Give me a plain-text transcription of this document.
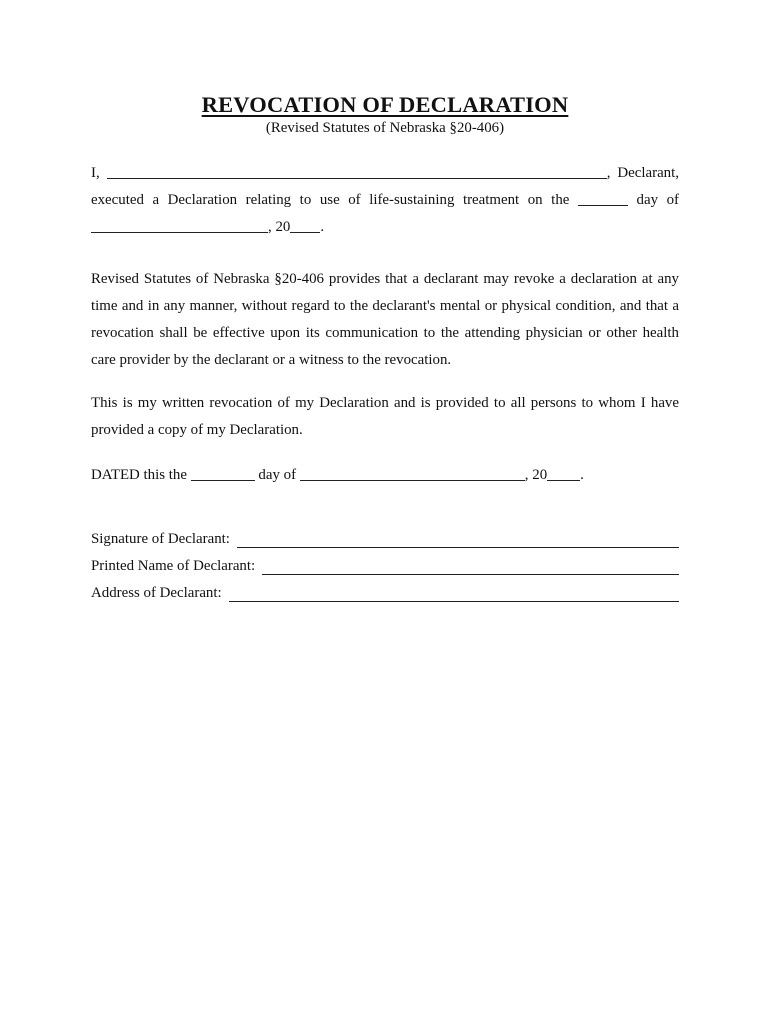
REVOCATION OF DECLARATION
(Revised Statutes of Nebraska §20-406)

I,	, Declarant, executed a Declaration relating to use of life-sustaining treatment on the	day of , 20 .

Revised Statutes of Nebraska §20-406 provides that a declarant may revoke a declaration at any time and in any manner, without regard to the declarant's mental or physical condition, and that a revocation shall be effective upon its communication to the attending physician or other health care provider by the declarant or a witness to the revocation.

This is my written revocation of my Declaration and is provided to all persons to whom I have provided a copy of my Declaration.

DATED this the	day of	, 20 .

Signature of Declarant:
Printed Name of Declarant:
Address of Declarant:
